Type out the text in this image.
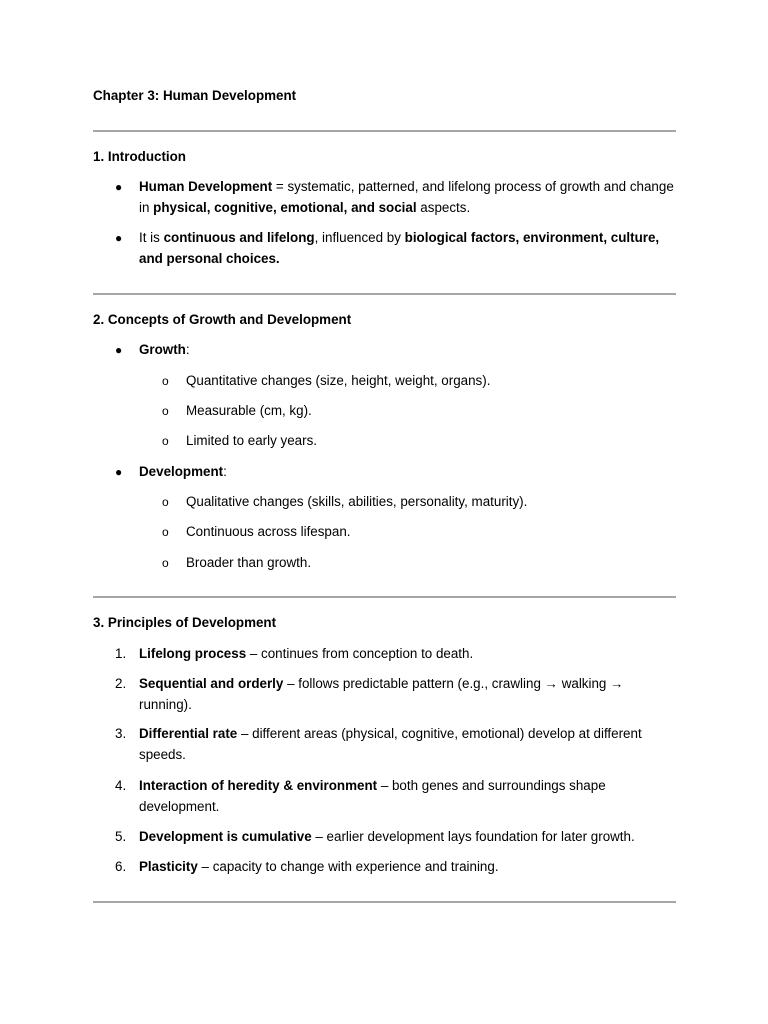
Chapter 3: Human Development
1. Introduction
● Human Development = systematic, patterned, and lifelong process of growth and change in physical, cognitive, emotional, and social aspects.
● It is continuous and lifelong, influenced by biological factors, environment, culture, and personal choices.
2. Concepts of Growth and Development
● Growth:
o Quantitative changes (size, height, weight, organs).
o Measurable (cm, kg).
o Limited to early years.
● Development:
o Qualitative changes (skills, abilities, personality, maturity).
o Continuous across lifespan.
o Broader than growth.
3. Principles of Development
1. Lifelong process – continues from conception to death.
2. Sequential and orderly – follows predictable pattern (e.g., crawling → walking → running).
3. Differential rate – different areas (physical, cognitive, emotional) develop at different speeds.
4. Interaction of heredity & environment – both genes and surroundings shape development.
5. Development is cumulative – earlier development lays foundation for later growth.
6. Plasticity – capacity to change with experience and training.
